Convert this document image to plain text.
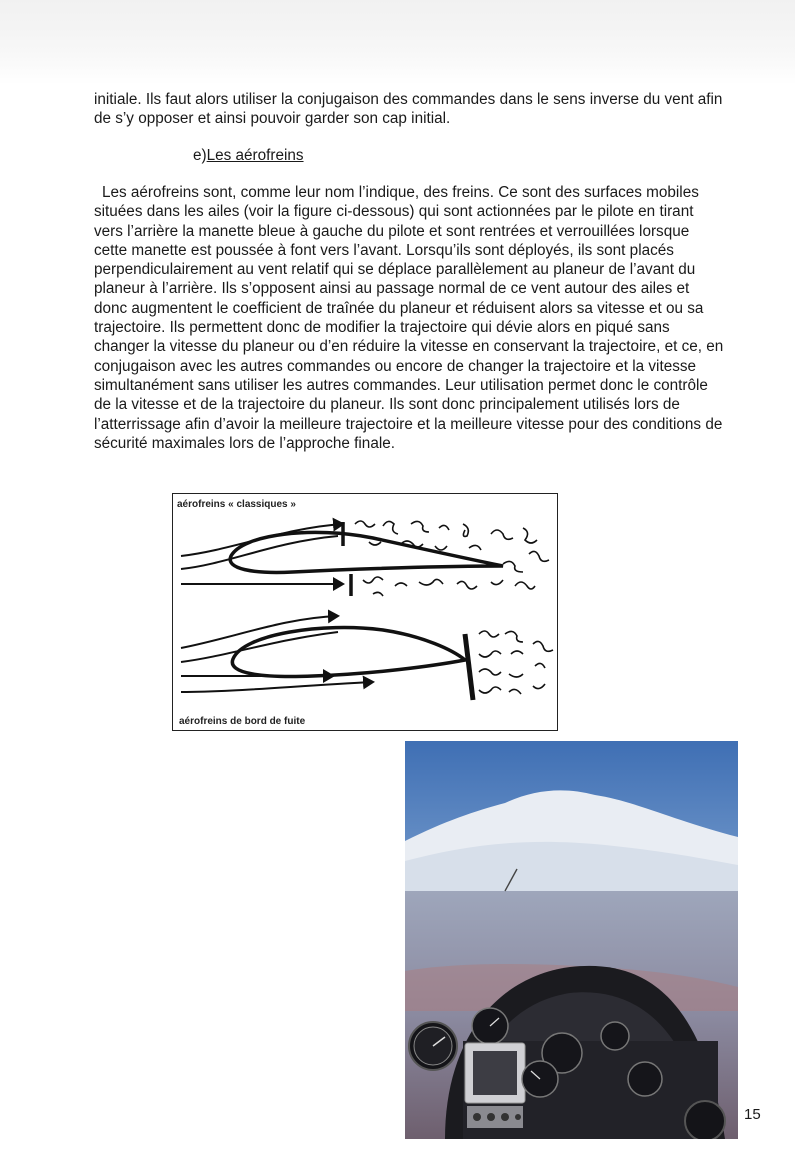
initiale. Ils faut alors utiliser la conjugaison des commandes dans le sens inverse du vent afin de s’y opposer et ainsi pouvoir garder son cap initial.

e)Les aérofreins

Les aérofreins sont, comme leur nom l’indique, des freins. Ce sont des surfaces mobiles situées dans les ailes (voir la figure ci-dessous) qui sont actionnées par le pilote en tirant vers l’arrière la manette bleue à gauche du pilote et sont rentrées et verrouillées lorsque cette manette est poussée à font vers l’avant. Lorsqu’ils sont déployés, ils sont placés perpendiculairement au vent relatif qui se déplace parallèlement au planeur de l’avant du planeur à l’arrière. Ils s’opposent ainsi au passage normal de ce vent autour des ailes et donc augmentent le coefficient de traînée du planeur et réduisent alors sa vitesse et ou sa trajectoire. Ils permettent donc de modifier la trajectoire qui dévie alors en piqué sans changer la vitesse du planeur ou d’en réduire la vitesse en conservant la trajectoire, et ce, en conjugaison avec les autres commandes ou encore de changer la trajectoire et la vitesse simultanément sans utiliser les autres commandes. Leur utilisation permet donc le contrôle de la vitesse et de la trajectoire du planeur. Ils sont donc principalement utilisés lors de l’atterrissage afin d’avoir la meilleure trajectoire et la meilleure vitesse pour des conditions de sécurité maximales lors de l’approche finale.

aérofreins « classiques »
aérofreins de bord de fuite
15
